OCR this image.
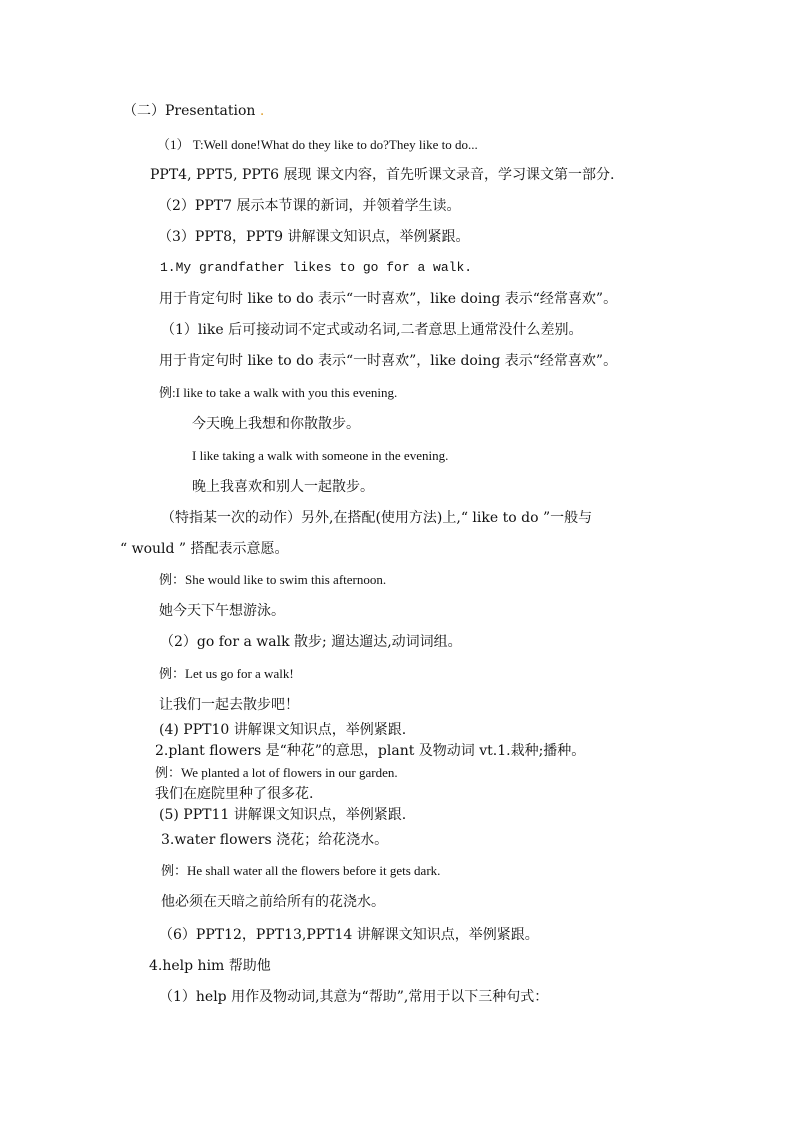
（二）Presentation .
（1） T:Well done!What do they like to do?They like to do...
PPT4, PPT5, PPT6 展现 课文内容，首先听课文录音，学习课文第一部分.
（2）PPT7 展示本节课的新词，并领着学生读。
（3）PPT8，PPT9 讲解课文知识点，举例紧跟。
1.My grandfather likes to go for a walk.
用于肯定句时 like to do 表示“一时喜欢”，like doing 表示“经常喜欢”。
（1）like 后可接动词不定式或动名词,二者意思上通常没什么差别。
用于肯定句时 like to do 表示“一时喜欢”，like doing 表示“经常喜欢”。
例:I like to take a walk with you this evening.
今天晚上我想和你散散步。
I like taking a walk with someone in the evening.
晚上我喜欢和别人一起散步。
（特指某一次的动作）另外,在搭配(使用方法)上,“ like to do ”一般与
“ would ” 搭配表示意愿。
例：She would like to swim this afternoon.
她今天下午想游泳。
（2）go for a walk 散步; 遛达遛达,动词词组。
例：Let us go for a walk!
让我们一起去散步吧！
(4) PPT10 讲解课文知识点，举例紧跟.
2.plant flowers 是“种花”的意思，plant 及物动词 vt.1.栽种;播种。
例：We planted a lot of flowers in our garden.
我们在庭院里种了很多花.
(5) PPT11 讲解课文知识点，举例紧跟.
3.water flowers 浇花；给花浇水。
例：He shall water all the flowers before it gets dark.
他必须在天暗之前给所有的花浇水。
（6）PPT12，PPT13,PPT14 讲解课文知识点，举例紧跟。
4.help him 帮助他
（1）help 用作及物动词,其意为“帮助”,常用于以下三种句式：
